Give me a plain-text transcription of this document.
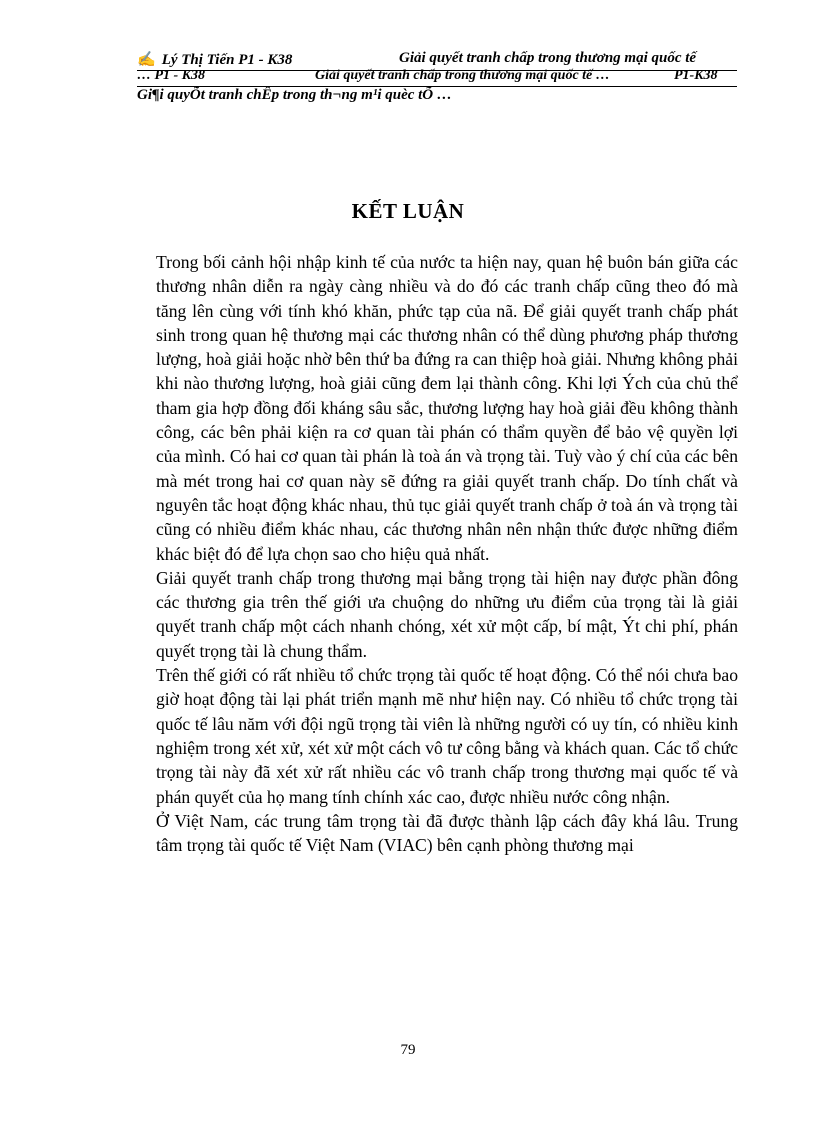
✍ Lý Thị Tiến P1 - K38	Giải quyết tranh chấp trong thương mại quốc tế
… P1 - K38	Giải quyết tranh chấp trong thương mại quốc tế …	P1-K38
Gi¶i quyÕt tranh chÊp trong th¬ng m¹i quèc tÕ …
KẾT LUẬN

Trong bối cảnh hội nhập kinh tế của nước ta hiện nay, quan hệ buôn bán giữa các thương nhân diễn ra ngày càng nhiều và do đó các tranh chấp cũng theo đó mà tăng lên cùng với tính khó khăn, phức tạp của nã. Để giải quyết tranh chấp phát sinh trong quan hệ thương mại các thương nhân có thể dùng phương pháp thương lượng, hoà giải hoặc nhờ bên thứ ba đứng ra can thiệp hoà giải. Nhưng không phải khi nào thương lượng, hoà giải cũng đem lại thành công. Khi lợi Ých của chủ thể tham gia hợp đồng đối kháng sâu sắc, thương lượng hay hoà giải đều không thành công, các bên phải kiện ra cơ quan tài phán có thẩm quyền để bảo vệ quyền lợi của mình. Có hai cơ quan tài phán là toà án và trọng tài. Tuỳ vào ý chí của các bên mà mét trong hai cơ quan này sẽ đứng ra giải quyết tranh chấp. Do tính chất và nguyên tắc hoạt động khác nhau, thủ tục giải quyết tranh chấp ở toà án và trọng tài cũng có nhiều điểm khác nhau, các thương nhân nên nhận thức được những điểm khác biệt đó để lựa chọn sao cho hiệu quả nhất.

Giải quyết tranh chấp trong thương mại bằng trọng tài hiện nay được phần đông các thương gia trên thế giới ưa chuộng do những ưu điểm của trọng tài là giải quyết tranh chấp một cách nhanh chóng, xét xử một cấp, bí mật, Ýt chi phí, phán quyết trọng tài là chung thẩm.

Trên thế giới có rất nhiều tổ chức trọng tài quốc tế hoạt động. Có thể nói chưa bao giờ hoạt động tài lại phát triển mạnh mẽ như hiện nay. Có nhiều tổ chức trọng tài quốc tế lâu năm với đội ngũ trọng tài viên là những người có uy tín, có nhiều kinh nghiệm trong xét xử, xét xử một cách vô tư công bằng và khách quan. Các tổ chức trọng tài này đã xét xử rất nhiều các vô tranh chấp trong thương mại quốc tế và phán quyết của họ mang tính chính xác cao, được nhiều nước công nhận.

Ở Việt Nam, các trung tâm trọng tài đã được thành lập cách đây khá lâu. Trung tâm trọng tài quốc tế Việt Nam (VIAC) bên cạnh phòng thương mại

79
